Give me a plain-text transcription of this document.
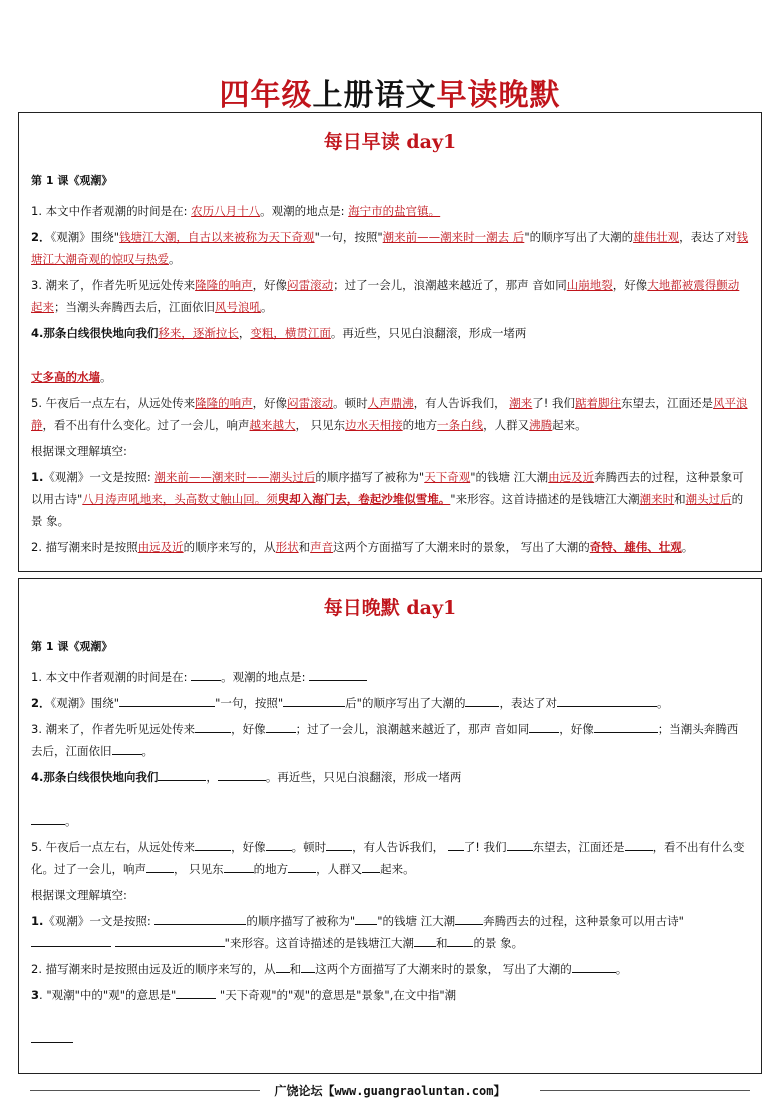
四年级上册语文早读晚默
每日早读 day1

第 1 课《观潮》

1. 本文中作者观潮的时间是在: 农历八月十八。观潮的地点是: 海宁市的盐官镇。

2．《观潮》围绕"钱塘江大潮，自古以来被称为天下奇观"一句，按照"潮来前——潮来时一潮去 后"的顺序写出了大潮的雄伟壮观，表达了对钱塘江大潮奇观的惊叹与热爱。

3. 潮来了，作者先听见远处传来隆隆的响声，好像闷雷滚动；过了一会儿，浪潮越来越近了，那声 音如同山崩地裂，好像大地都被震得颤动起来；当潮头奔腾西去后，江面依旧风号浪吼。

4.那条白线很快地向我们移来，逐渐拉长，变粗，横贯江面。再近些，只见白浪翻滚，形成一堵两

丈多高的水墙。

5. 午夜后一点左右，从远处传来隆隆的响声，好像闷雷滚动。顿时人声鼎沸，有人告诉我们， 潮来了! 我们踮着脚往东望去，江面还是风平浪静，看不出有什么变化。过了一会儿，响声越来越大， 只见东边水天相接的地方一条白线，人群又沸腾起来。

根据课文理解填空:

1.《观潮》一文是按照: 潮来前——潮来时——潮头过后的顺序描写了被称为"天下奇观"的钱塘 江大潮由远及近奔腾西去的过程，这种景象可以用古诗"八月涛声吼地来，头高数丈触山回。须臾却入海门去，卷起沙堆似雪堆。"来形容。这首诗描述的是钱塘江大潮潮来时和潮头过后的景 象。

2. 描写潮来时是按照由远及近的顺序来写的，从形状和声音这两个方面描写了大潮来时的景象， 写出了大潮的奇特、雄伟、壮观。

每日晚默 day1

第 1 课《观潮》

1. 本文中作者观潮的时间是在:	。观潮的地点是:

2．《观潮》围绕"	"一句，按照"	后"的顺序写出了大潮的	，表达了对	。

3. 潮来了，作者先听见远处传来	，好像	；过了一会儿，浪潮越来越近了，那声 音如同	，好像	；当潮头奔腾西去后，江面依旧	。

4.那条白线很快地向我们	，	。再近些，只见白浪翻滚，形成一堵两

。

5. 午夜后一点左右，从远处传来	，好像 。顿时 ，有人告诉我们， 了! 我们 东望去，江面还是 ，看不出有什么变化。过了一会儿，响声 ， 只见东	的地方 ，人群又 起来。

根据课文理解填空:

1.《观潮》一文是按照:	的顺序描写了被称为" "的钱塘 江大潮 奔腾西去的过程，这种景象可以用古诗" "来形容。这首诗描述的是钱塘江大潮 和 的景 象。

2. 描写潮来时是按照由远及近的顺序来写的，从 和 这两个方面描写了大潮来时的景象， 写出了大潮的	。

3. "观潮"中的"观"的意思是"	"天下奇观"的"观"的意思是"景象",在文中指"潮

广饶论坛【www.guangraoluntan.com】
